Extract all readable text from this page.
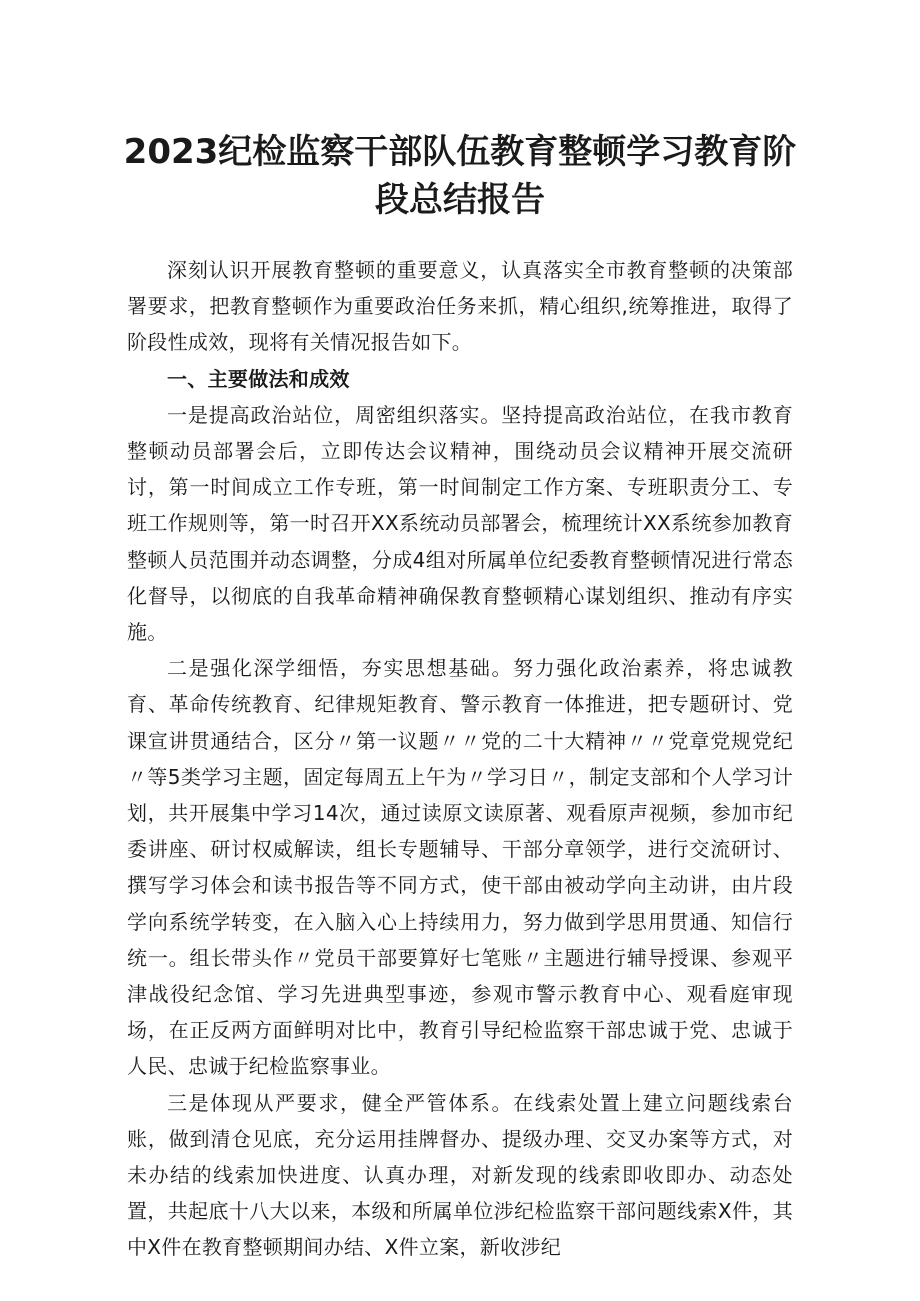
2023纪检监察干部队伍教育整顿学习教育阶
段总结报告

深刻认识开展教育整顿的重要意义，认真落实全市教育整顿的决策部署要求，把教育整顿作为重要政治任务来抓，精心组织,统筹推进，取得了阶段性成效，现将有关情况报告如下。

一、主要做法和成效

一是提高政治站位，周密组织落实。坚持提高政治站位，在我市教育整顿动员部署会后，立即传达会议精神，围绕动员会议精神开展交流研讨，第一时间成立工作专班，第一时间制定工作方案、专班职责分工、专班工作规则等，第一时召开XX系统动员部署会，梳理统计XX系统参加教育整顿人员范围并动态调整，分成4组对所属单位纪委教育整顿情况进行常态化督导，以彻底的自我革命精神确保教育整顿精心谋划组织、推动有序实施。

二是强化深学细悟，夯实思想基础。努力强化政治素养，将忠诚教育、革命传统教育、纪律规矩教育、警示教育一体推进，把专题研讨、党课宣讲贯通结合，区分〃第一议题〃〃党的二十大精神〃〃党章党规党纪〃等5类学习主题，固定每周五上午为〃学习日〃，制定支部和个人学习计划，共开展集中学习14次，通过读原文读原著、观看原声视频，参加市纪委讲座、研讨权威解读，组长专题辅导、干部分章领学，进行交流研讨、撰写学习体会和读书报告等不同方式，使干部由被动学向主动讲，由片段学向系统学转变，在入脑入心上持续用力，努力做到学思用贯通、知信行统一。组长带头作〃党员干部要算好七笔账〃主题进行辅导授课、参观平津战役纪念馆、学习先进典型事迹，参观市警示教育中心、观看庭审现场，在正反两方面鲜明对比中，教育引导纪检监察干部忠诚于党、忠诚于人民、忠诚于纪检监察事业。

三是体现从严要求，健全严管体系。在线索处置上建立问题线索台账，做到清仓见底，充分运用挂牌督办、提级办理、交叉办案等方式，对未办结的线索加快进度、认真办理，对新发现的线索即收即办、动态处置，共起底十八大以来，本级和所属单位涉纪检监察干部问题线索X件，其中X件在教育整顿期间办结、X件立案，新收涉纪
